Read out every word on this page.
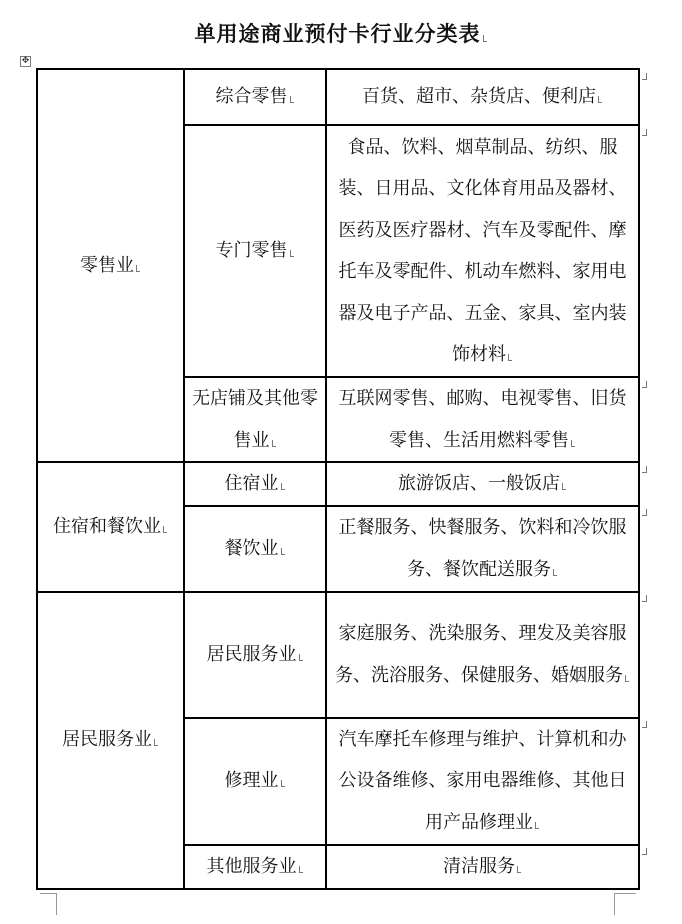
单用途商业预付卡行业分类表
✥
零售业	综合零售	百货、超市、杂货店、便利店
	专门零售	食品、饮料、烟草制品、纺织、服装、日用品、文化体育用品及器材、医药及医疗器材、汽车及零配件、摩托车及零配件、机动车燃料、家用电器及电子产品、五金、家具、室内装饰材料
	无店铺及其他零售业	互联网零售、邮购、电视零售、旧货零售、生活用燃料零售
住宿和餐饮业	住宿业	旅游饭店、一般饭店
	餐饮业	正餐服务、快餐服务、饮料和冷饮服务、餐饮配送服务
居民服务业	居民服务业	家庭服务、洗染服务、理发及美容服务、洗浴服务、保健服务、婚姻服务
	修理业	汽车摩托车修理与维护、计算机和办公设备维修、家用电器维修、其他日用产品修理业
	其他服务业	清洁服务
